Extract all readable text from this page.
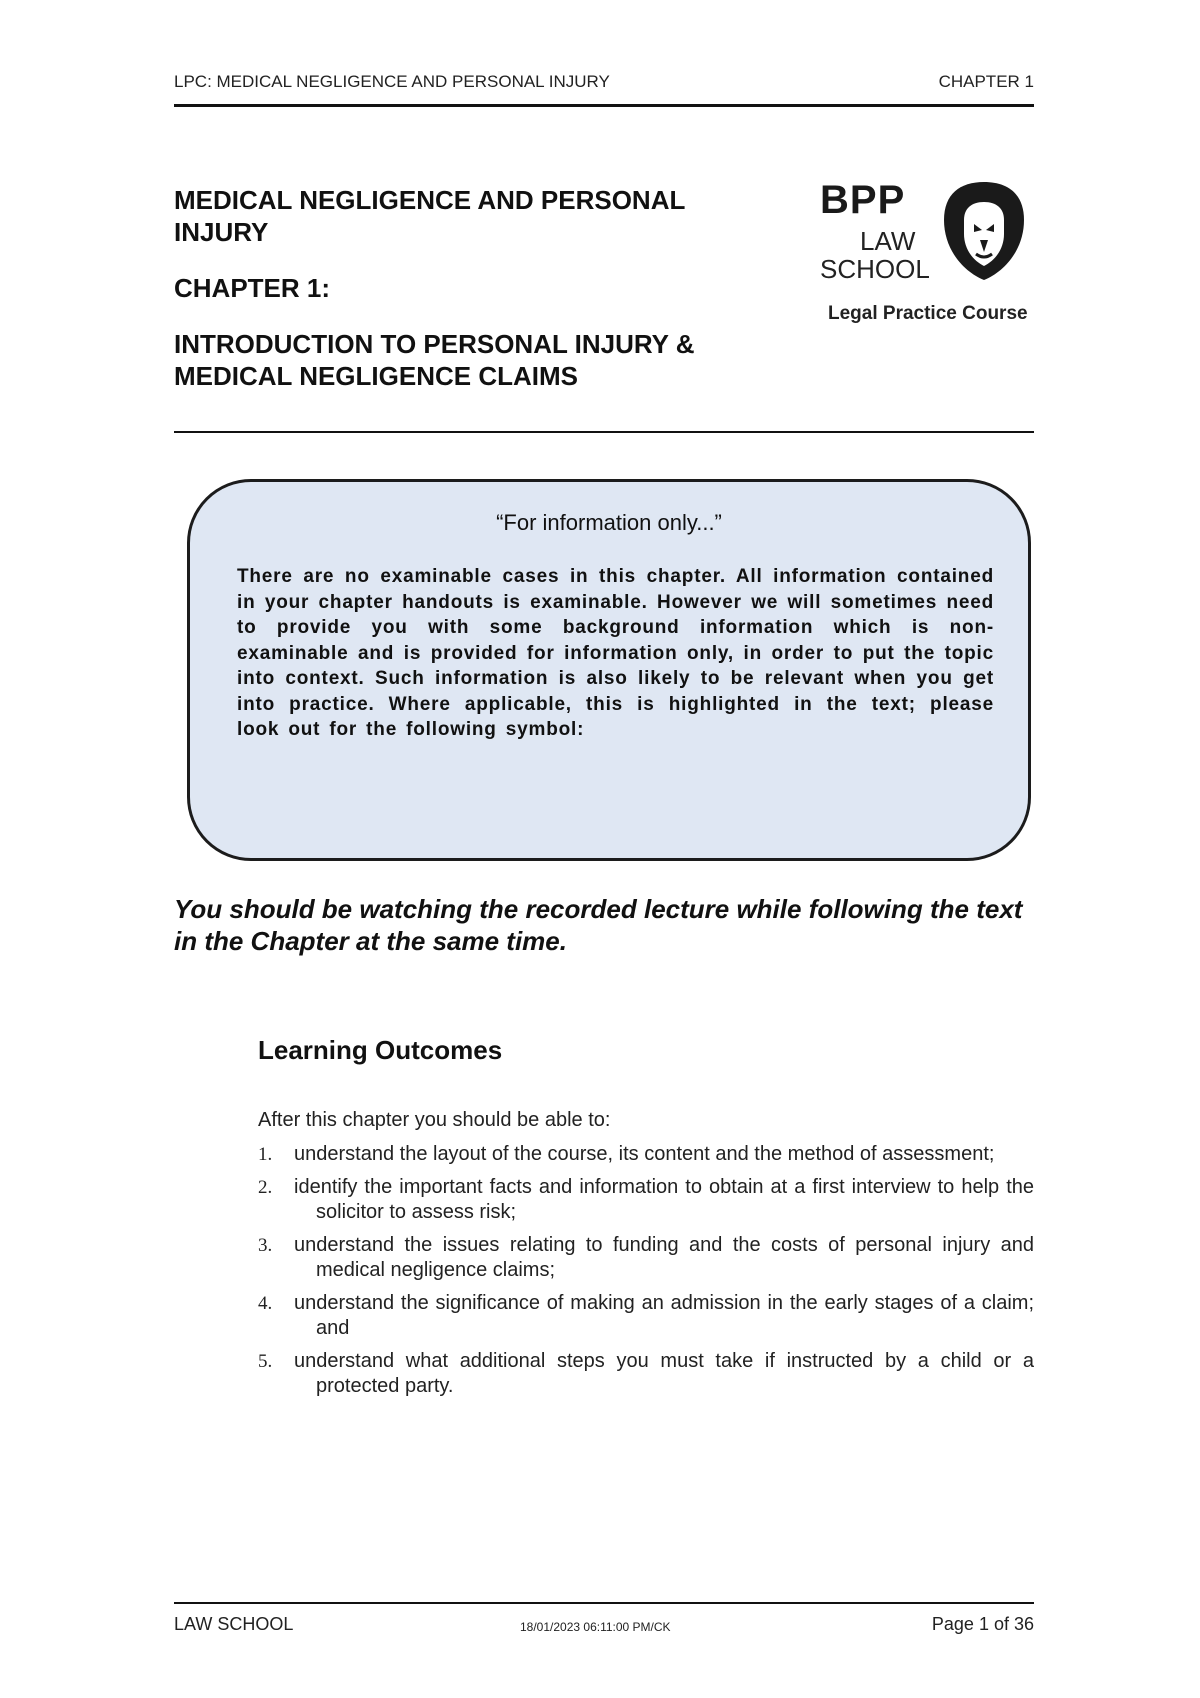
LPC: MEDICAL NEGLIGENCE AND PERSONAL INJURY	CHAPTER 1

MEDICAL NEGLIGENCE AND PERSONAL INJURY

CHAPTER 1:

INTRODUCTION TO PERSONAL INJURY & MEDICAL NEGLIGENCE CLAIMS

BPP
LAW
SCHOOL
Legal Practice Course
“For information only...”
There are no examinable cases in this chapter. All information contained in your chapter handouts is examinable. However we will sometimes need to provide you with some background information which is non-examinable and is provided for information only, in order to put the topic into context. Such information is also likely to be relevant when you get into practice. Where applicable, this is highlighted in the text; please look out for the following symbol:
You should be watching the recorded lecture while following the text in the Chapter at the same time.
Learning Outcomes
After this chapter you should be able to:
1. understand the layout of the course, its content and the method of assessment;
2. identify the important facts and information to obtain at a first interview to help the solicitor to assess risk;
3. understand the issues relating to funding and the costs of personal injury and medical negligence claims;
4. understand the significance of making an admission in the early stages of a claim; and
5. understand what additional steps you must take if instructed by a child or a protected party.
LAW SCHOOL	18/01/2023 06:11:00 PM/CK	Page 1 of 36
